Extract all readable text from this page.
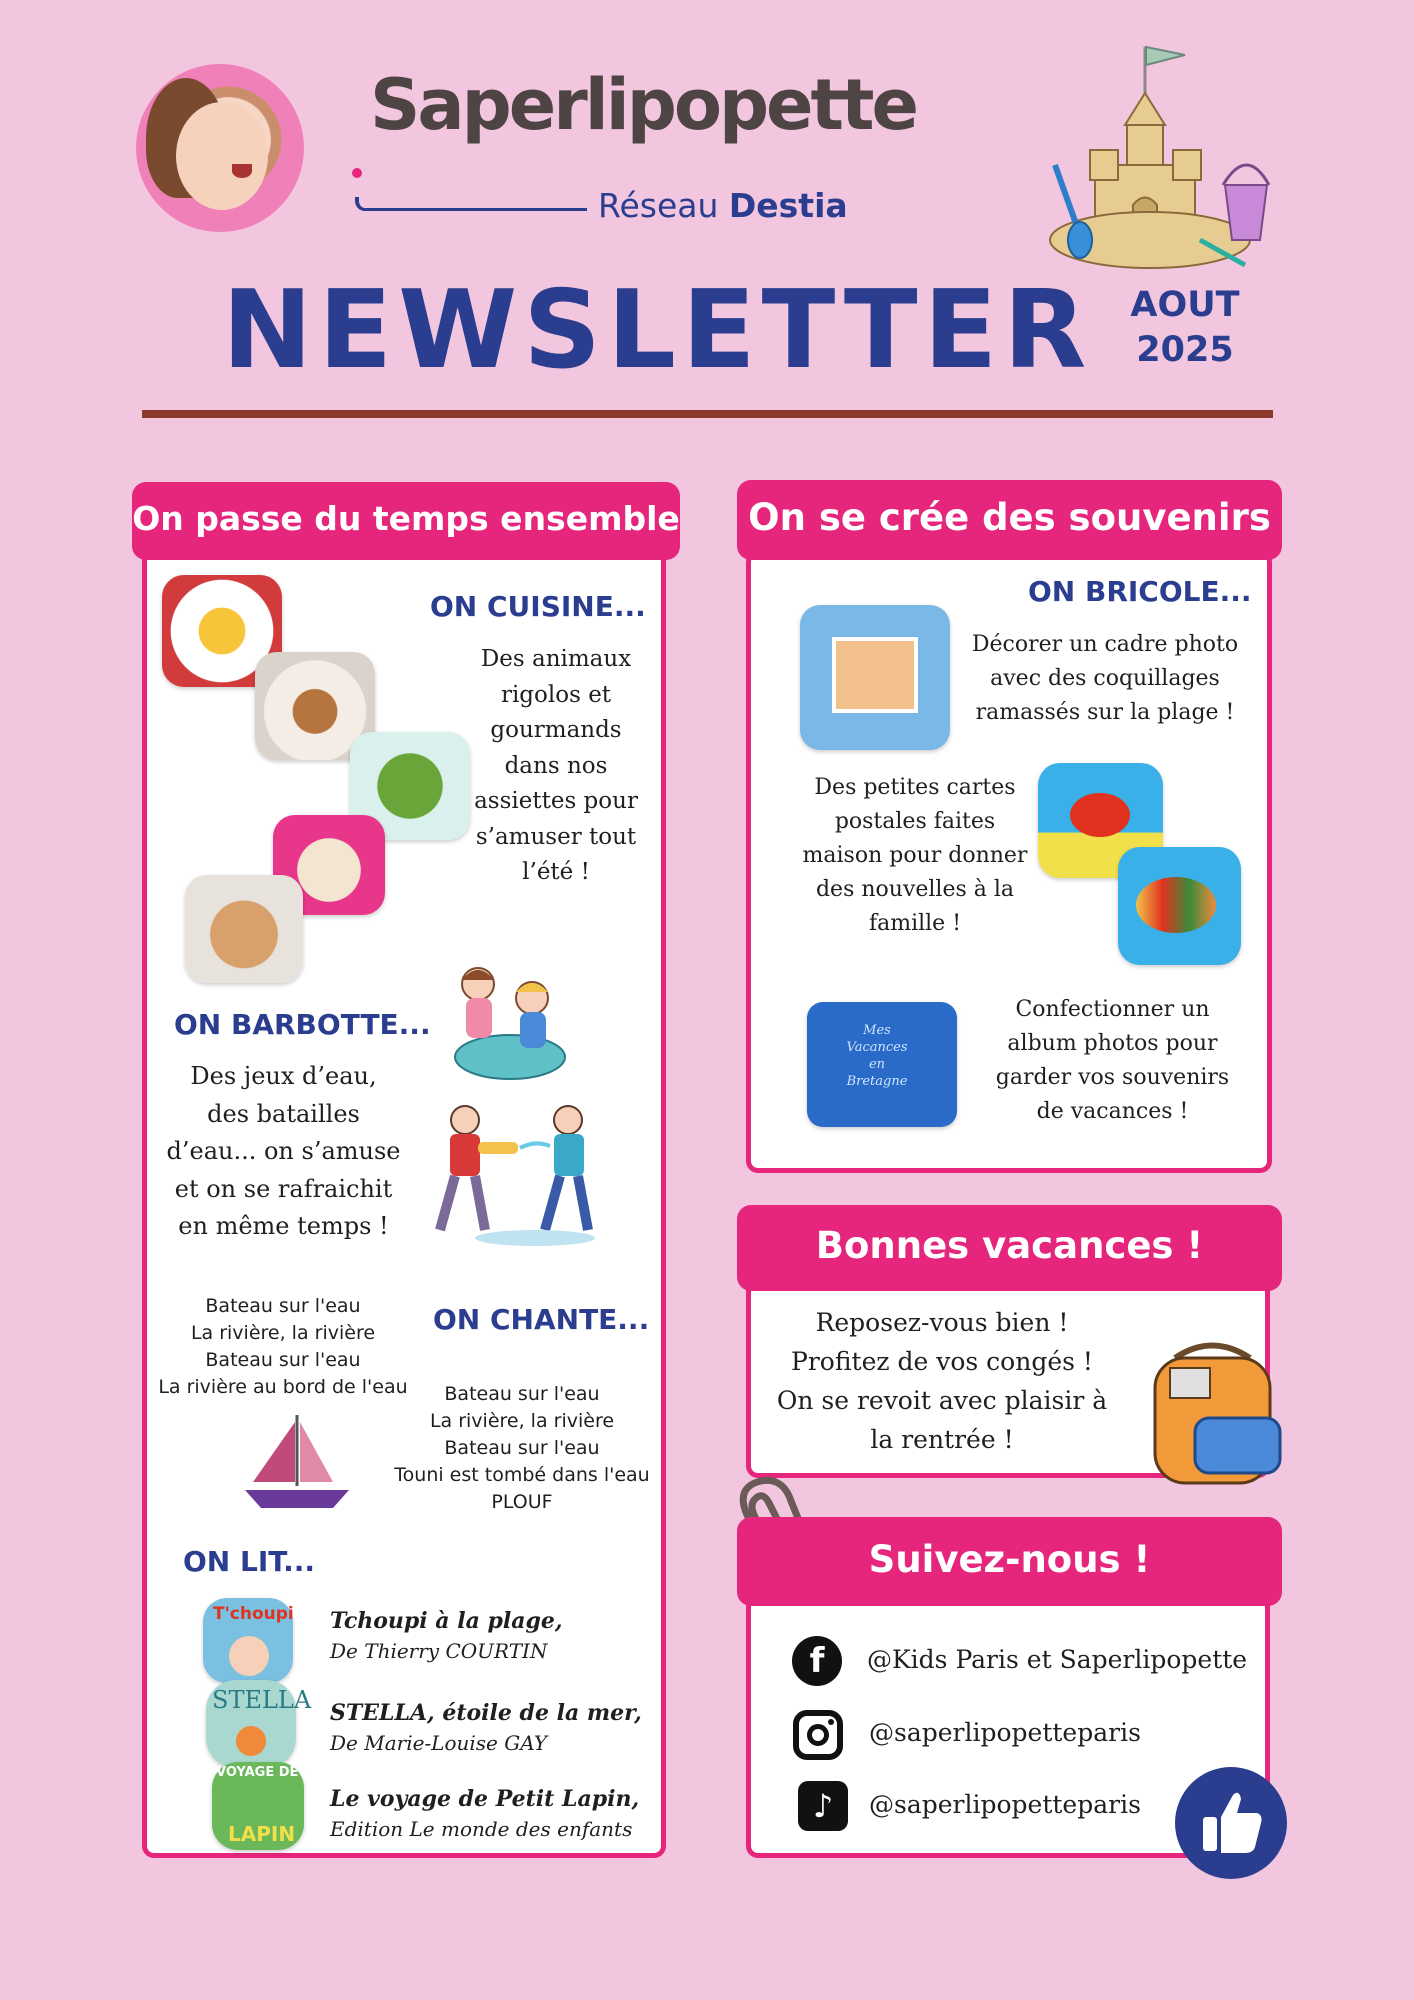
Saperlipopette
Réseau Destia
NEWSLETTER AOUT
2025
On passe du temps ensemble
ON CUISINE...
Des animaux rigolos et gourmands dans nos assiettes pour s’amuser tout l’été !
ON BARBOTTE...
Des jeux d’eau, des batailles d’eau... on s’amuse et on se rafraichit en même temps !
Bateau sur l'eau
La rivière, la rivière
Bateau sur l'eau
La rivière au bord de l'eau
ON CHANTE...
Bateau sur l'eau
La rivière, la rivière
Bateau sur l'eau
Touni est tombé dans l'eau
PLOUF
ON LIT...
T'choupi Tchoupi à la plage,
De Thierry COURTIN
STELLA STELLA, étoile de la mer,
De Marie-Louise GAY
VOYAGE DE
LAPIN
Le voyage de Petit Lapin,
Edition Le monde des enfants
On se crée des souvenirs
ON BRICOLE...
Décorer un cadre photo avec des coquillages ramassés sur la plage !
Des petites cartes postales faites maison pour donner des nouvelles à la famille !
Mes
Vacances
en
Bretagne
Confectionner un album photos pour garder vos souvenirs de vacances !
Bonnes vacances !
Reposez-vous bien ! Profitez de vos congés ! On se revoit avec plaisir à la rentrée !
Suivez-nous !
f	@Kids Paris et Saperlipopette
@saperlipopetteparis
♪	@saperlipopetteparis
